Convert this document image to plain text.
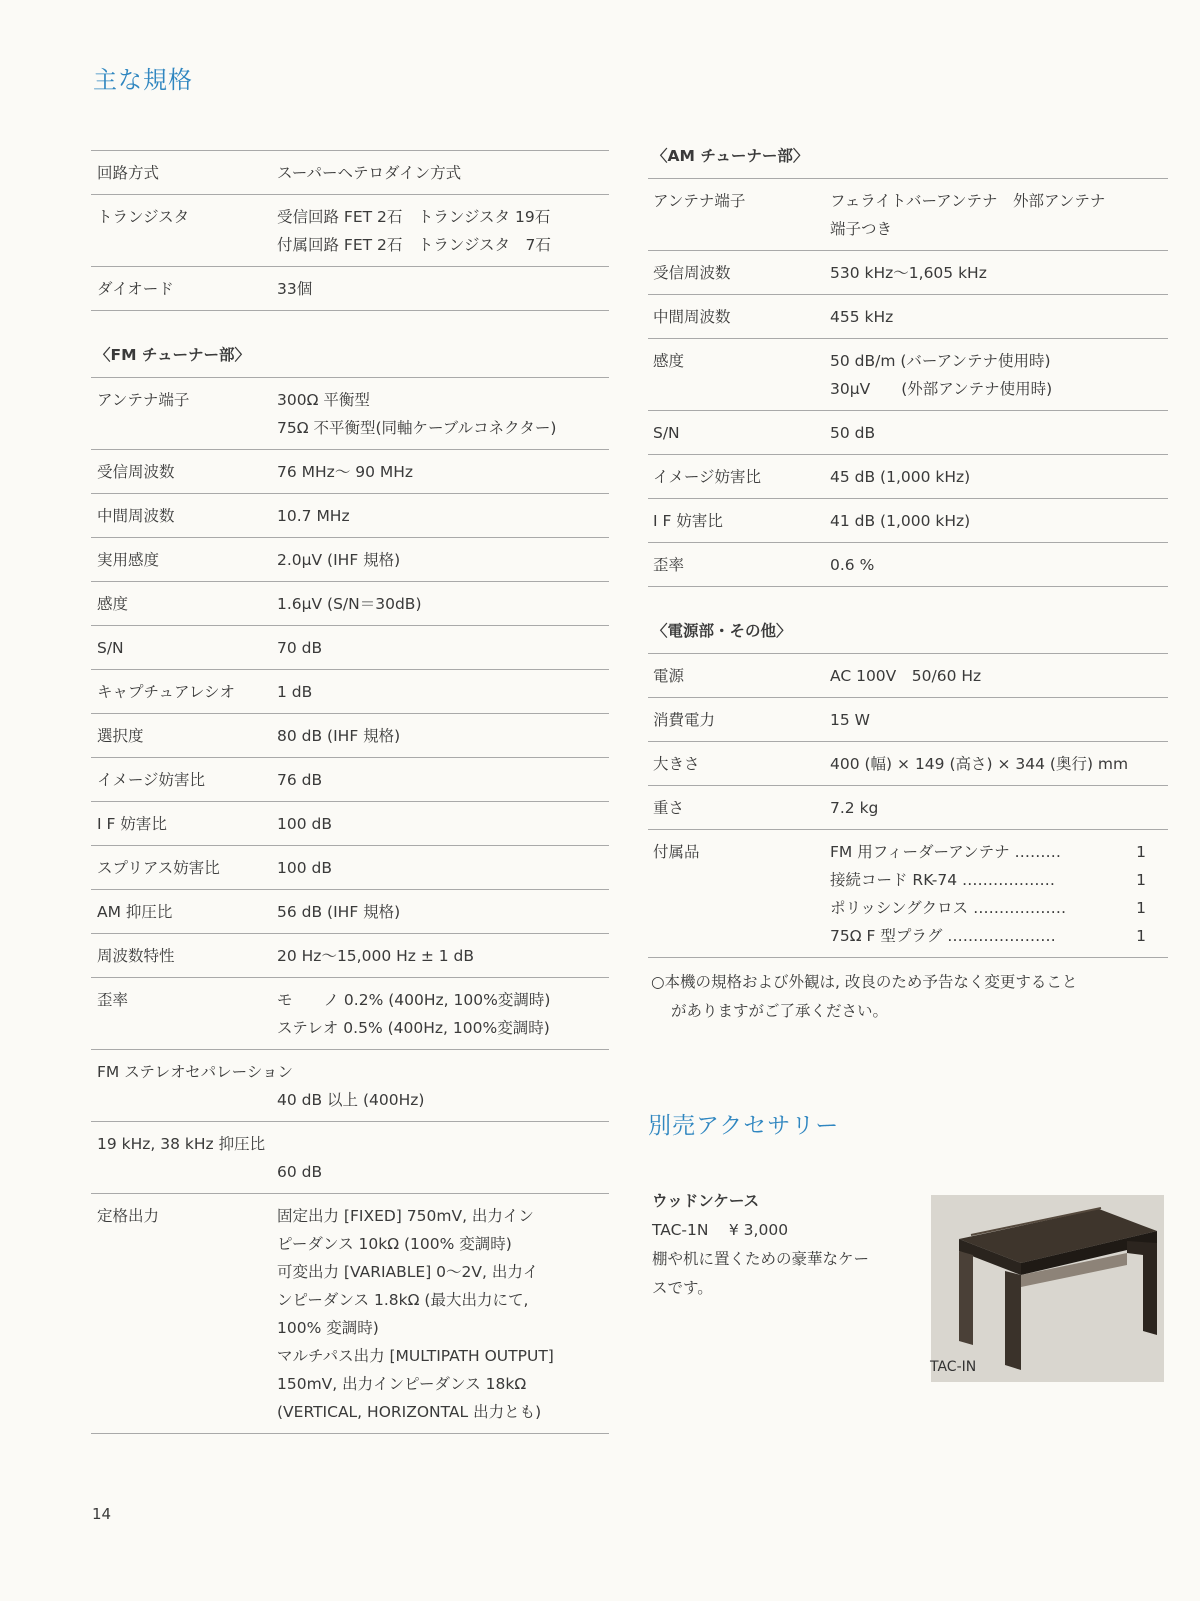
主な規格
回路方式	スーパーヘテロダイン方式
トランジスタ	受信回路 FET 2石　トランジスタ 19石
付属回路 FET 2石　トランジスタ　7石
ダイオード	33個
〈FM チューナー部〉
アンテナ端子	300Ω 平衡型
75Ω 不平衡型(同軸ケーブルコネクター)
受信周波数	76 MHz～ 90 MHz
中間周波数	10.7 MHz
実用感度	2.0μV (IHF 規格)
感度	1.6μV (S/N＝30dB)
S/N	70 dB
キャプチュアレシオ	1 dB
選択度	80 dB (IHF 規格)
イメージ妨害比	76 dB
I F 妨害比	100 dB
スプリアス妨害比	100 dB
AM 抑圧比	56 dB (IHF 規格)
周波数特性	20 Hz～15,000 Hz ± 1 dB
歪率	モ　　ノ 0.2% (400Hz, 100%変調時)
ステレオ 0.5% (400Hz, 100%変調時)
FM ステレオセパレーション
40 dB 以上 (400Hz)
19 kHz, 38 kHz 抑圧比
60 dB
定格出力	固定出力 [FIXED] 750mV, 出力イン
ピーダンス 10kΩ (100% 変調時)
可変出力 [VARIABLE] 0～2V, 出力イ
ンピーダンス 1.8kΩ (最大出力にて,
100% 変調時)
マルチパス出力 [MULTIPATH OUTPUT]
150mV, 出力インピーダンス 18kΩ
(VERTICAL, HORIZONTAL 出力とも)
〈AM チューナー部〉
アンテナ端子	フェライトバーアンテナ　外部アンテナ
端子つき
受信周波数	530 kHz～1,605 kHz
中間周波数	455 kHz
感度	50 dB/m (バーアンテナ使用時)
30μV　　(外部アンテナ使用時)
S/N	50 dB
イメージ妨害比	45 dB (1,000 kHz)
I F 妨害比	41 dB (1,000 kHz)
歪率	0.6 %
〈電源部・その他〉
電源	AC 100V　50/60 Hz
消費電力	15 W
大きさ	400 (幅) × 149 (高さ) × 344 (奥行) mm
重さ	7.2 kg
付属品	FM 用フィーダーアンテナ ………	1
接続コード RK-74 ………………	1
ポリッシングクロス ………………	1
75Ω F 型プラグ …………………	1
○本機の規格および外観は, 改良のため予告なく変更すること
がありますがご了承ください。
別売アクセサリー
ウッドンケース
TAC-1N　 ¥ 3,000
棚や机に置くための豪華なケー
スです。
TAC-IN
14
